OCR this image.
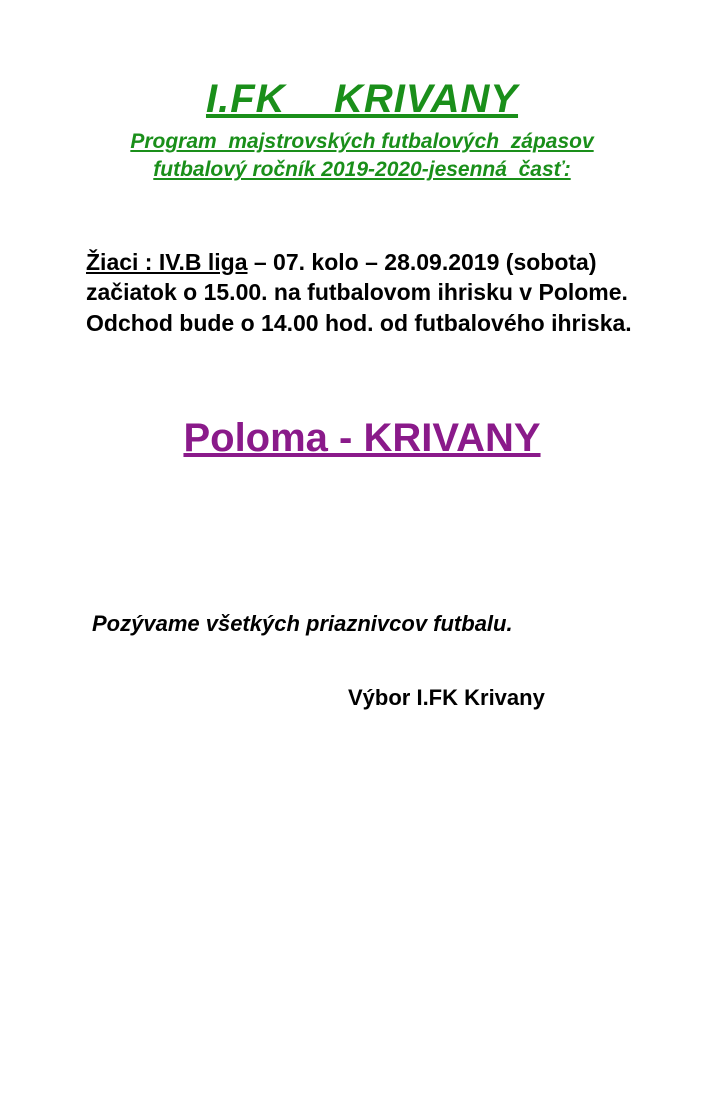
I.FK    KRIVANY
Program  majstrovských futbalových  zápasov
futbalový ročník 2019-2020-jesenná  časť:

Žiaci : IV.B liga – 07. kolo – 28.09.2019 (sobota) začiatok o 15.00. na futbalovom ihrisku v Polome. Odchod bude o 14.00 hod. od futbalového ihriska.

Poloma - KRIVANY
Pozývame všetkých priaznivcov futbalu.
Výbor I.FK Krivany
